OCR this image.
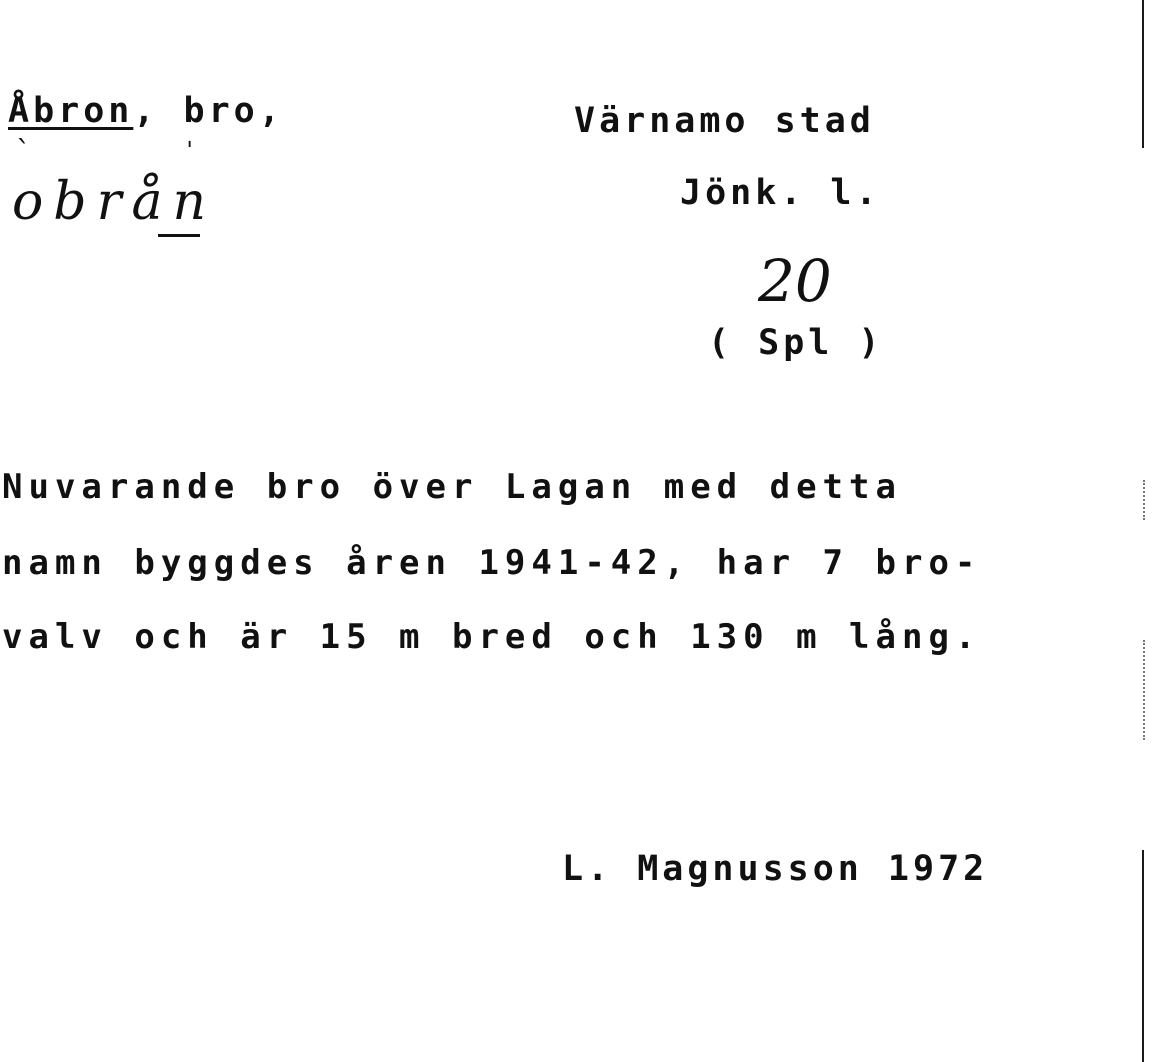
Åbron, bro,
`	ˈ
obrån
Värnamo stad
Jönk. l.
20
( Spl )
Nuvarande bro över Lagan med detta
namn byggdes åren 1941-42, har 7 bro-
valv och är 15 m bred och 130 m lång.
L. Magnusson 1972
